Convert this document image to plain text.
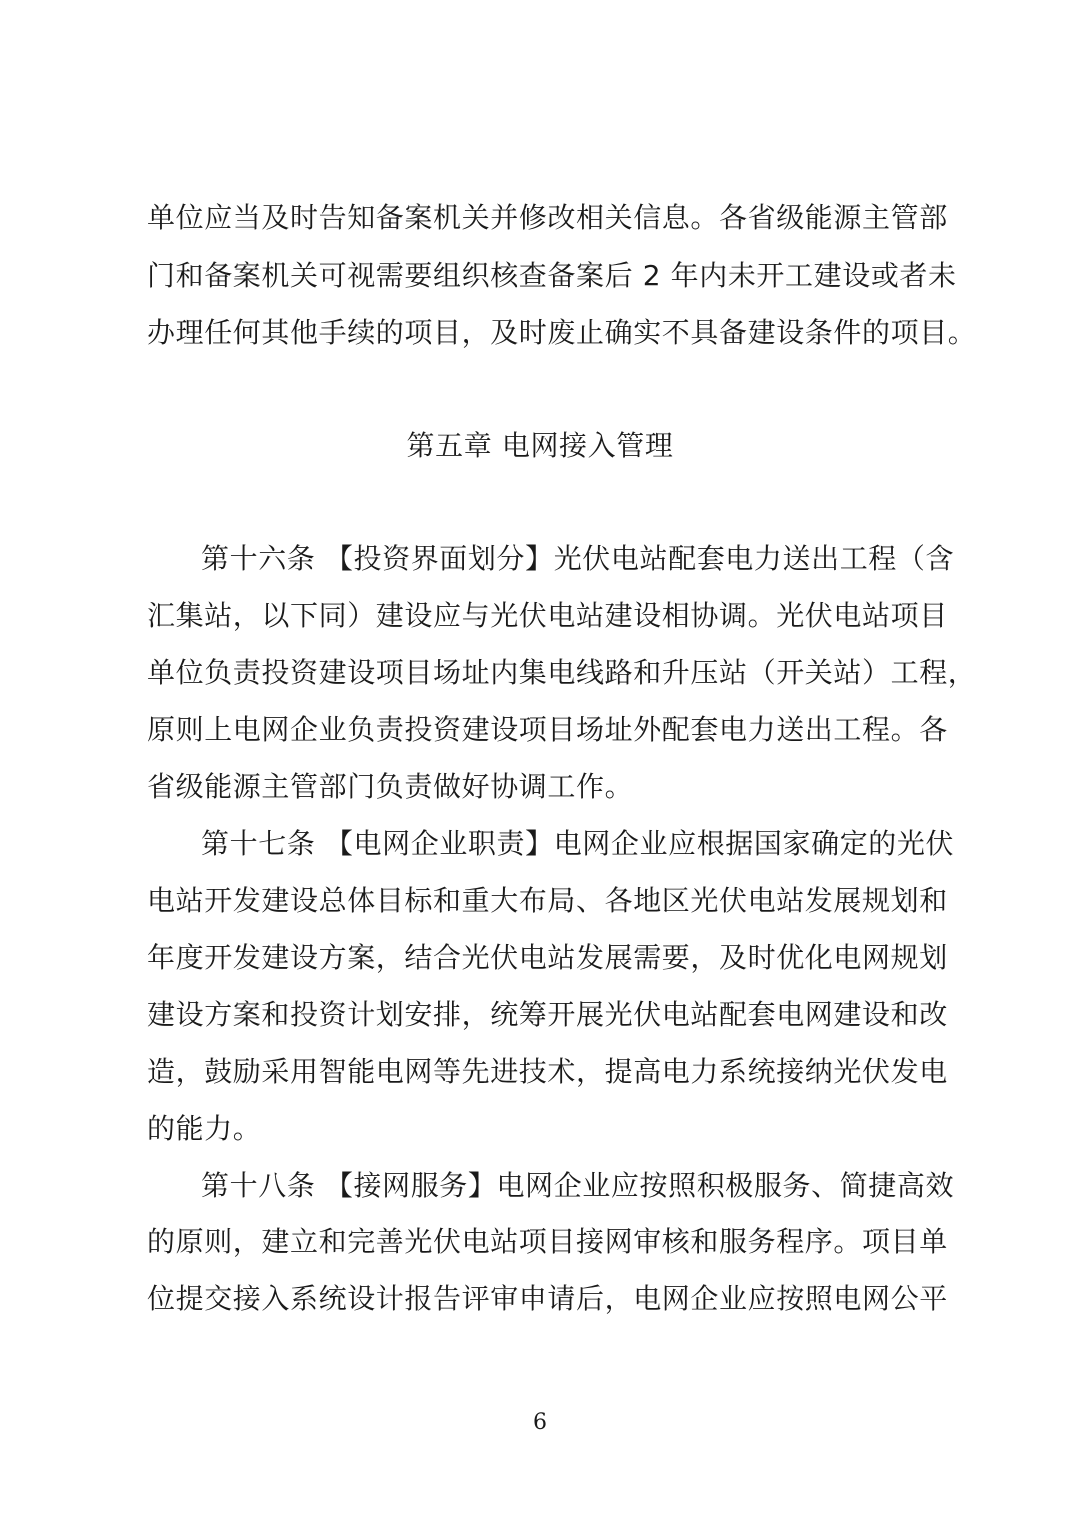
单位应当及时告知备案机关并修改相关信息。各省级能源主管部
门和备案机关可视需要组织核查备案后 2 年内未开工建设或者未
办理任何其他手续的项目，及时废止确实不具备建设条件的项目。
第五章 电网接入管理
第十六条 【投资界面划分】光伏电站配套电力送出工程（含
汇集站，以下同）建设应与光伏电站建设相协调。光伏电站项目
单位负责投资建设项目场址内集电线路和升压站（开关站）工程，
原则上电网企业负责投资建设项目场址外配套电力送出工程。各
省级能源主管部门负责做好协调工作。
第十七条 【电网企业职责】电网企业应根据国家确定的光伏
电站开发建设总体目标和重大布局、各地区光伏电站发展规划和
年度开发建设方案，结合光伏电站发展需要，及时优化电网规划
建设方案和投资计划安排，统筹开展光伏电站配套电网建设和改
造，鼓励采用智能电网等先进技术，提高电力系统接纳光伏发电
的能力。
第十八条 【接网服务】电网企业应按照积极服务、简捷高效
的原则，建立和完善光伏电站项目接网审核和服务程序。项目单
位提交接入系统设计报告评审申请后，电网企业应按照电网公平
6
